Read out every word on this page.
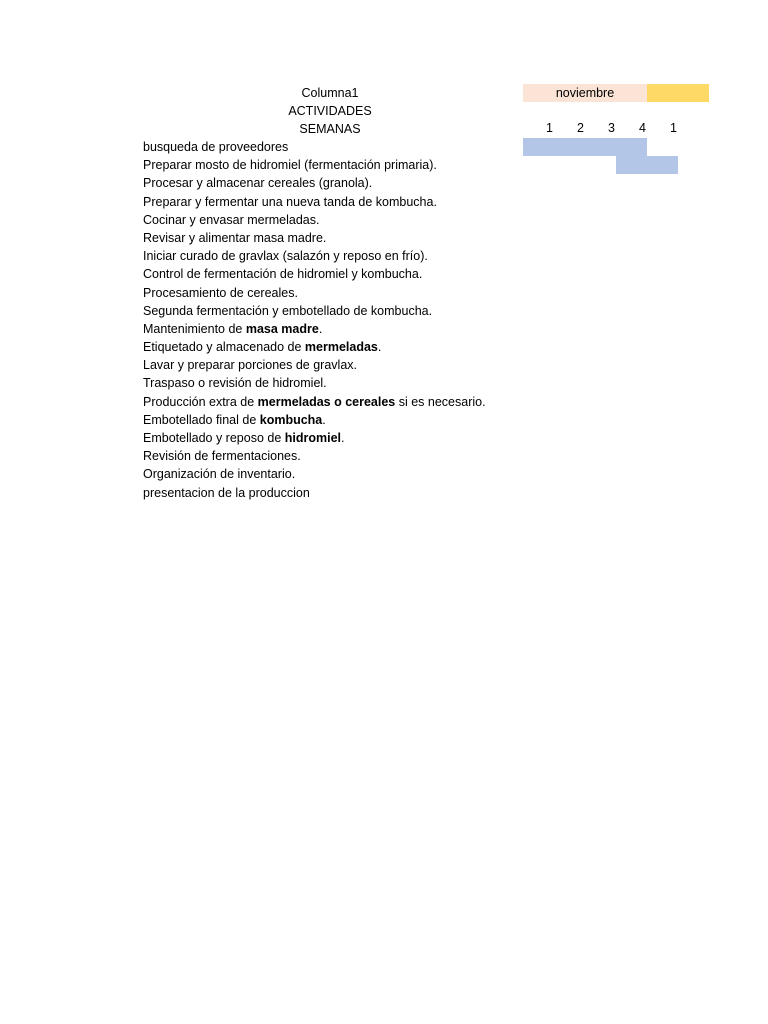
Columna1
ACTIVIDADES
SEMANAS
noviembre
1	2	3	4	1
busqueda de proveedores
Preparar mosto de hidromiel (fermentación primaria).
Procesar y almacenar cereales (granola).
Preparar y fermentar una nueva tanda de kombucha.
Cocinar y envasar mermeladas.
Revisar y alimentar masa madre.
Iniciar curado de gravlax (salazón y reposo en frío).
Control de fermentación de hidromiel y kombucha.
Procesamiento de cereales.
Segunda fermentación y embotellado de kombucha.
Mantenimiento de masa madre.
Etiquetado y almacenado de mermeladas.
Lavar y preparar porciones de gravlax.
Traspaso o revisión de hidromiel.
Producción extra de mermeladas o cereales si es necesario.
Embotellado final de kombucha.
Embotellado y reposo de hidromiel.
Revisión de fermentaciones.
Organización de inventario.
presentacion de la produccion
